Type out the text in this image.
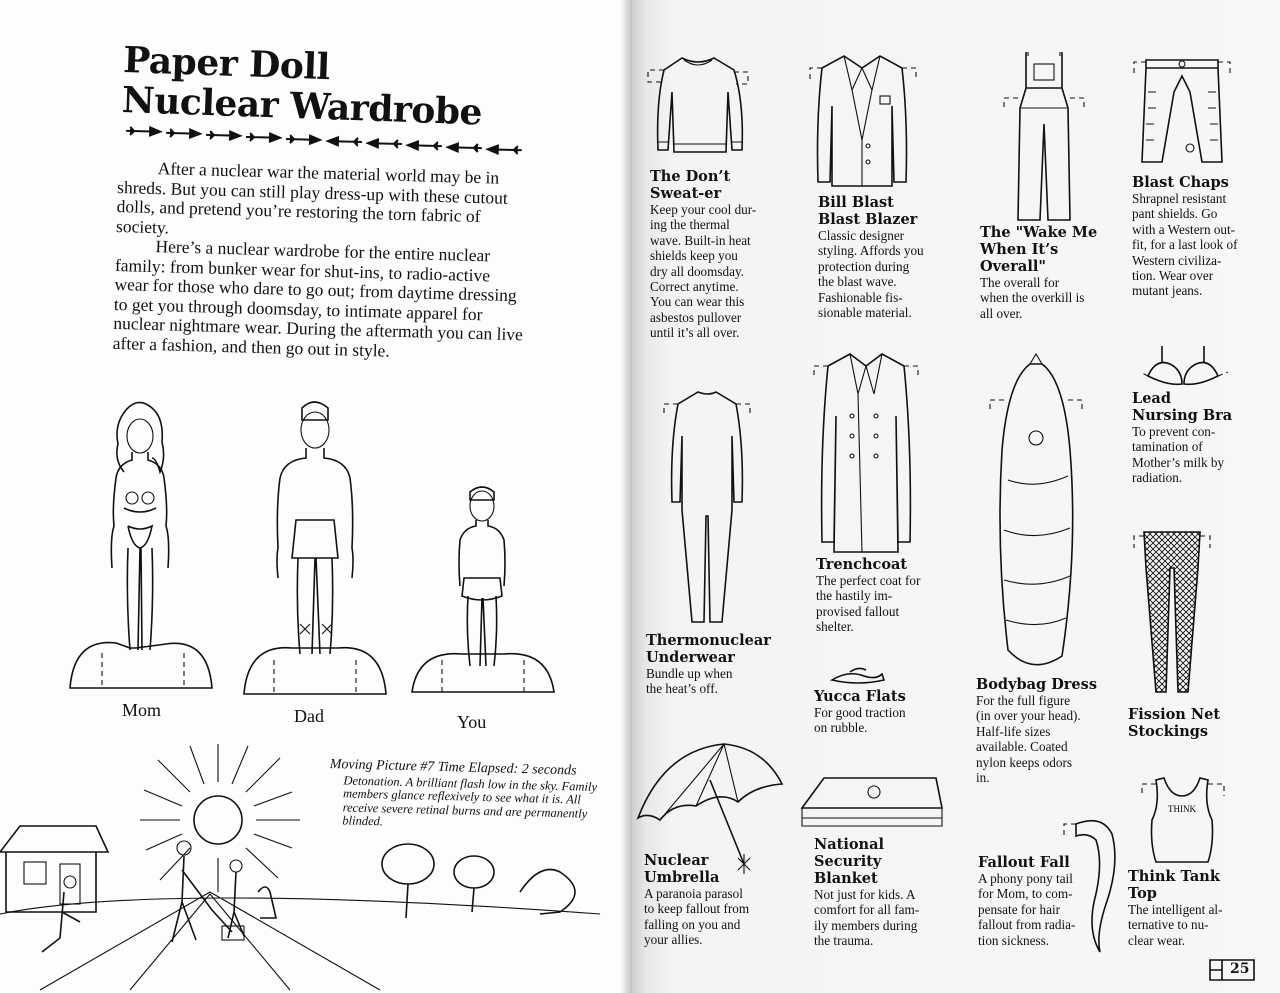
Paper Doll
Nuclear Wardrobe

After a nuclear war the material world may be in shreds. But you can still play dress-up with these cutout dolls, and pretend you’re restoring the torn fabric of society.

Here’s a nuclear wardrobe for the entire nuclear family: from bunker wear for shut-ins, to radio-active wear for those who dare to go out; from daytime dressing to get you through doomsday, to intimate apparel for nuclear nightmare wear. During the aftermath you can live after a fashion, and then go out in style.

Mom	Dad	You
Moving Picture #7 Time Elapsed: 2 seconds
Detonation. A brilliant flash low in the sky. Family members glance reflexively to see what it is. All receive severe retinal burns and are permanently blinded.
The Don’t
Sweat-er
Keep your cool dur-
ing the thermal
wave. Built-in heat
shields keep you
dry all doomsday.
Correct anytime.
You can wear this
asbestos pullover
until it’s all over.
Bill Blast
Blast Blazer
Classic designer
styling. Affords you
protection during
the blast wave.
Fashionable fis-
sionable material.
The "Wake Me
When It’s
Overall"
The overall for
when the overkill is
all over.
Blast Chaps
Shrapnel resistant
pant shields. Go
with a Western out-
fit, for a last look of
Western civiliza-
tion. Wear over
mutant jeans.
Thermonuclear
Underwear
Bundle up when
the heat’s off.
Trenchcoat
The perfect coat for
the hastily im-
provised fallout
shelter.
Bodybag Dress
For the full figure
(in over your head).
Half-life sizes
available. Coated
nylon keeps odors
in.
Lead
Nursing Bra
To prevent con-
tamination of
Mother’s milk by
radiation.
Fission Net
Stockings
Yucca Flats
For good traction
on rubble.
Nuclear
Umbrella
A paranoia parasol
to keep fallout from
falling on you and
your allies.
National
Security
Blanket
Not just for kids. A
comfort for all fam-
ily members during
the trauma.
Fallout Fall
A phony pony tail
for Mom, to com-
pensate for hair
fallout from radia-
tion sickness.
THINK
Think Tank
Top
The intelligent al-
ternative to nu-
clear wear.
25
